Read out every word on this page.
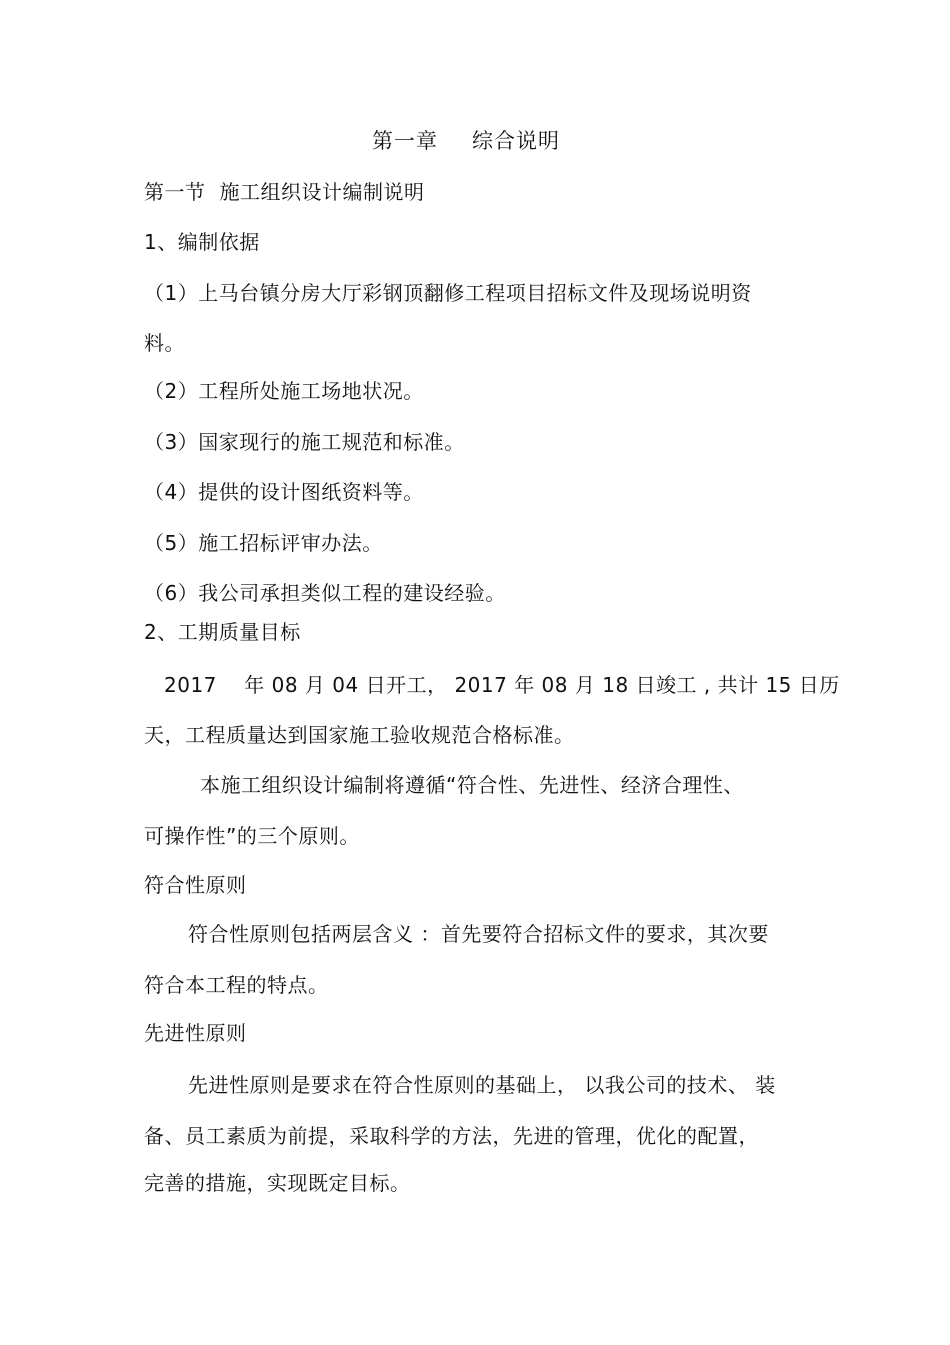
第一章 综合说明
第一节 施工组织设计编制说明
1、编制依据
（1）上马台镇分房大厅彩钢顶翻修工程项目招标文件及现场说明资
料。
（2）工程所处施工场地状况。
（3）国家现行的施工规范和标准。
（4）提供的设计图纸资料等。
（5）施工招标评审办法。
（6）我公司承担类似工程的建设经验。
2、工期质量目标
2017　 年 08 月 04 日开工， 2017 年 08 月 18 日竣工 , 共计 15 日历
天，工程质量达到国家施工验收规范合格标准。
本施工组织设计编制将遵循“符合性、先进性、经济合理性、
可操作性”的三个原则。
符合性原则
符合性原则包括两层含义 ：首先要符合招标文件的要求，其次要
符合本工程的特点。
先进性原则
先进性原则是要求在符合性原则的基础上， 以我公司的技术、 装
备、员工素质为前提，采取科学的方法，先进的管理，优化的配置，
完善的措施，实现既定目标。
